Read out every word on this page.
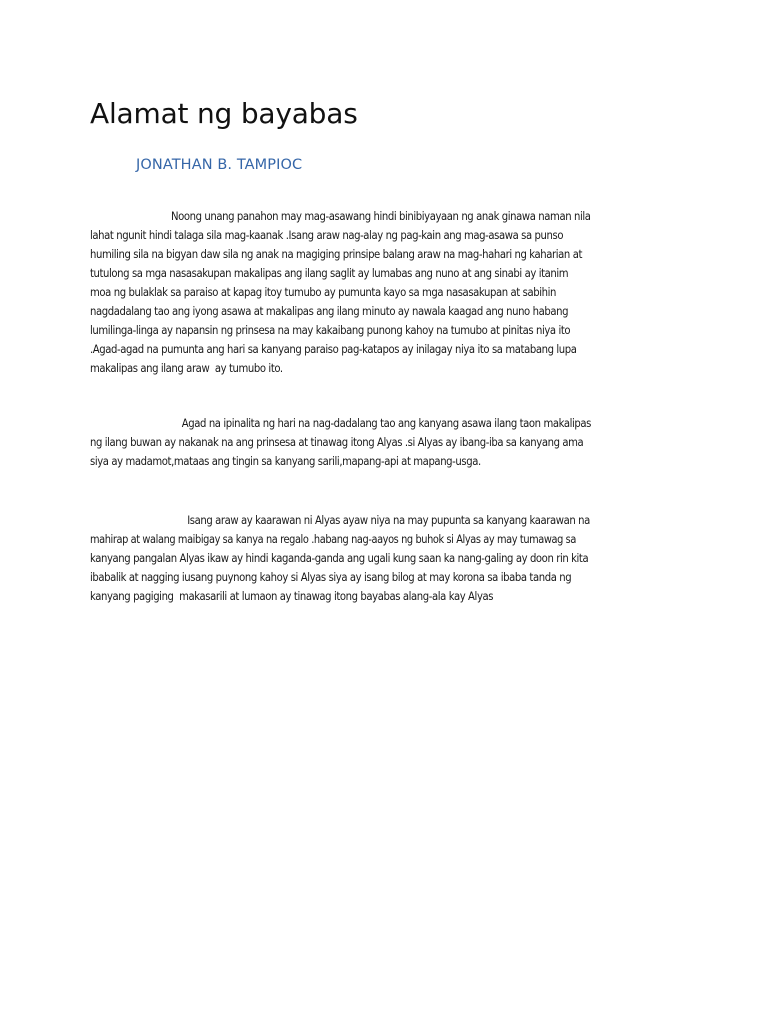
Alamat ng bayabas

JONATHAN B. TAMPIOC

Noong unang panahon may mag-asawang hindi binibiyayaan ng anak ginawa naman nila
lahat ngunit hindi talaga sila mag-kaanak .Isang araw nag-alay ng pag-kain ang mag-asawa sa punso
humiling sila na bigyan daw sila ng anak na magiging prinsipe balang araw na mag-hahari ng kaharian at
tutulong sa mga nasasakupan makalipas ang ilang saglit ay lumabas ang nuno at ang sinabi ay itanim
moa ng bulaklak sa paraiso at kapag itoy tumubo ay pumunta kayo sa mga nasasakupan at sabihin
nagdadalang tao ang iyong asawa at makalipas ang ilang minuto ay nawala kaagad ang nuno habang
lumilinga-linga ay napansin ng prinsesa na may kakaibang punong kahoy na tumubo at pinitas niya ito
.Agad-agad na pumunta ang hari sa kanyang paraiso pag-katapos ay inilagay niya ito sa matabang lupa
makalipas ang ilang araw  ay tumubo ito.
Agad na ipinalita ng hari na nag-dadalang tao ang kanyang asawa ilang taon makalipas
ng ilang buwan ay nakanak na ang prinsesa at tinawag itong Alyas .si Alyas ay ibang-iba sa kanyang ama
siya ay madamot,mataas ang tingin sa kanyang sarili,mapang-api at mapang-usga.
Isang araw ay kaarawan ni Alyas ayaw niya na may pupunta sa kanyang kaarawan na
mahirap at walang maibigay sa kanya na regalo .habang nag-aayos ng buhok si Alyas ay may tumawag sa
kanyang pangalan Alyas ikaw ay hindi kaganda-ganda ang ugali kung saan ka nang-galing ay doon rin kita
ibabalik at nagging iusang puynong kahoy si Alyas siya ay isang bilog at may korona sa ibaba tanda ng
kanyang pagiging  makasarili at lumaon ay tinawag itong bayabas alang-ala kay Alyas
